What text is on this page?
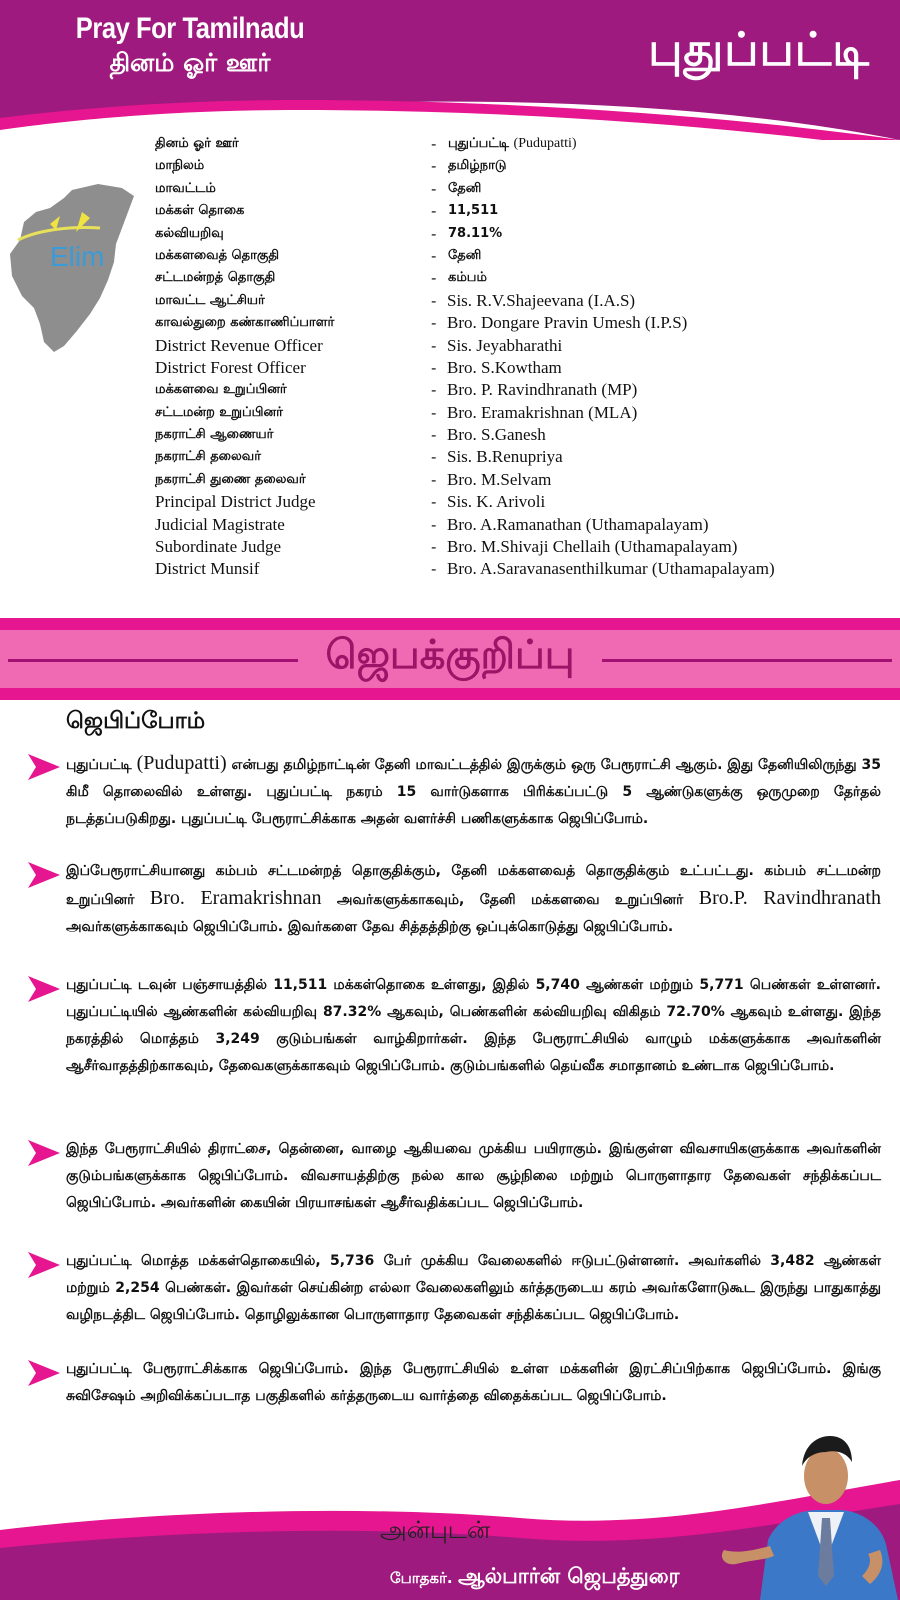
Pray For Tamilnadu
தினம் ஓர் ஊர்	புதுப்பட்டி
Elim
தினம் ஓர் ஊர்	- புதுப்பட்டி (Pudupatti)
மாநிலம்	- தமிழ்நாடு
மாவட்டம்	- தேனி
மக்கள் தொகை	- 11,511
கல்வியறிவு	- 78.11%
மக்களவைத் தொகுதி	- தேனி
சட்டமன்றத் தொகுதி	- கம்பம்
மாவட்ட ஆட்சியர்	- Sis. R.V.Shajeevana (I.A.S)
காவல்துறை கண்காணிப்பாளர்	- Bro. Dongare Pravin Umesh (I.P.S)
District Revenue Officer	- Sis. Jeyabharathi
District Forest Officer	- Bro. S.Kowtham
மக்களவை உறுப்பினர்	- Bro. P. Ravindhranath (MP)
சட்டமன்ற உறுப்பினர்	- Bro. Eramakrishnan (MLA)
நகராட்சி ஆணையர்	- Bro. S.Ganesh
நகராட்சி தலைவர்	- Sis. B.Renupriya
நகராட்சி துணை தலைவர்	- Bro. M.Selvam
Principal District Judge	- Sis. K. Arivoli
Judicial Magistrate	- Bro. A.Ramanathan (Uthamapalayam)
Subordinate Judge	- Bro. M.Shivaji Chellaih (Uthamapalayam)
District Munsif	- Bro. A.Saravanasenthilkumar (Uthamapalayam)
ஜெபக்குறிப்பு
ஜெபிப்போம்
புதுப்பட்டி (Pudupatti) என்பது தமிழ்நாட்டின் தேனி மாவட்டத்தில் இருக்கும் ஒரு பேரூராட்சி ஆகும். இது தேனியிலிருந்து 35 கிமீ தொலைவில் உள்ளது. புதுப்பட்டி நகரம் 15 வார்டுகளாக பிரிக்கப்பட்டு 5 ஆண்டுகளுக்கு ஒருமுறை தேர்தல் நடத்தப்படுகிறது. புதுப்பட்டி பேரூராட்சிக்காக அதன் வளர்ச்சி பணிகளுக்காக ஜெபிப்போம்.
இப்பேரூராட்சியானது கம்பம் சட்டமன்றத் தொகுதிக்கும், தேனி மக்களவைத் தொகுதிக்கும் உட்பட்டது. கம்பம் சட்டமன்ற உறுப்பினர் Bro. Eramakrishnan அவர்களுக்காகவும், தேனி மக்களவை உறுப்பினர் Bro.P. Ravindhranath அவர்களுக்காகவும் ஜெபிப்போம். இவர்களை தேவ சித்தத்திற்கு ஒப்புக்கொடுத்து ஜெபிப்போம்.
புதுப்பட்டி டவுன் பஞ்சாயத்தில் 11,511 மக்கள்தொகை உள்ளது, இதில் 5,740 ஆண்கள் மற்றும் 5,771 பெண்கள் உள்ளனர். புதுப்பட்டியில் ஆண்களின் கல்வியறிவு 87.32% ஆகவும், பெண்களின் கல்வியறிவு விகிதம் 72.70% ஆகவும் உள்ளது. இந்த நகரத்தில் மொத்தம் 3,249 குடும்பங்கள் வாழ்கிறார்கள். இந்த பேரூராட்சியில் வாழும் மக்களுக்காக அவர்களின் ஆசீர்வாதத்திற்காகவும், தேவைகளுக்காகவும் ஜெபிப்போம். குடும்பங்களில் தெய்வீக சமாதானம் உண்டாக ஜெபிப்போம்.
இந்த பேரூராட்சியில் திராட்சை, தென்னை, வாழை ஆகியவை முக்கிய பயிராகும். இங்குள்ள விவசாயிகளுக்காக அவர்களின் குடும்பங்களுக்காக ஜெபிப்போம். விவசாயத்திற்கு நல்ல கால சூழ்நிலை மற்றும் பொருளாதார தேவைகள் சந்திக்கப்பட ஜெபிப்போம். அவர்களின் கையின் பிரயாசங்கள் ஆசீர்வதிக்கப்பட ஜெபிப்போம்.
புதுப்பட்டி மொத்த மக்கள்தொகையில், 5,736 பேர் முக்கிய வேலைகளில் ஈடுபட்டுள்ளனர். அவர்களில் 3,482 ஆண்கள் மற்றும் 2,254 பெண்கள். இவர்கள் செய்கின்ற எல்லா வேலைகளிலும் கர்த்தருடைய கரம் அவர்களோடுகூட இருந்து பாதுகாத்து வழிநடத்திட ஜெபிப்போம். தொழிலுக்கான பொருளாதார தேவைகள் சந்திக்கப்பட ஜெபிப்போம்.
புதுப்பட்டி பேரூராட்சிக்காக ஜெபிப்போம். இந்த பேரூராட்சியில் உள்ள மக்களின் இரட்சிப்பிற்காக ஜெபிப்போம். இங்கு சுவிசேஷம் அறிவிக்கப்படாத பகுதிகளில் கர்த்தருடைய வார்த்தை விதைக்கப்பட ஜெபிப்போம்.
அன்புடன்
போதகர். ஆல்பார்ன் ஜெபத்துரை
